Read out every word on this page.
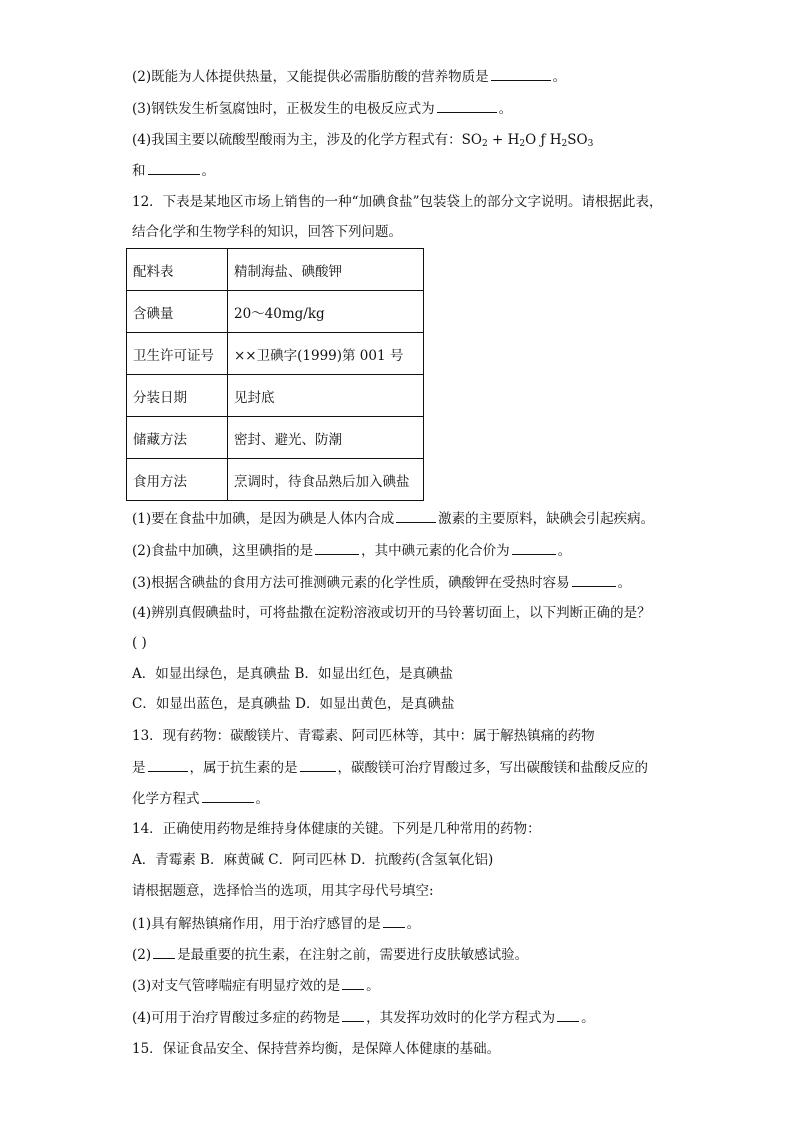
(2)既能为人体提供热量，又能提供必需脂肪酸的营养物质是	。
(3)钢铁发生析氢腐蚀时，正极发生的电极反应式为	。
(4)我国主要以硫酸型酸雨为主，涉及的化学方程式有：$SO_2 + H_2O$ ƒ $H_2SO_3$
和	。
12．下表是某地区市场上销售的一种“加碘食盐”包装袋上的部分文字说明。请根据此表，
结合化学和生物学科的知识，回答下列问题。
配料表	精制海盐、碘酸钾
含碘量	20～40mg/kg
卫生许可证号	××卫碘字(1999)第 001 号
分装日期	见封底
储藏方法	密封、避光、防潮
食用方法	烹调时，待食品熟后加入碘盐
(1)要在食盐中加碘，是因为碘是人体内合成	激素的主要原料，缺碘会引起疾病。
(2)食盐中加碘，这里碘指的是	，其中碘元素的化合价为	。
(3)根据含碘盐的食用方法可推测碘元素的化学性质，碘酸钾在受热时容易	。
(4)辨别真假碘盐时，可将盐撒在淀粉溶液或切开的马铃薯切面上，以下判断正确的是？
( )
A．如显出绿色，是真碘盐 B．如显出红色，是真碘盐
C．如显出蓝色，是真碘盐 D．如显出黄色，是真碘盐
13．现有药物：碳酸镁片、青霉素、阿司匹林等，其中：属于解热镇痛的药物
是	，属于抗生素的是	，碳酸镁可治疗胃酸过多，写出碳酸镁和盐酸反应的
化学方程式	。
14．正确使用药物是维持身体健康的关键。下列是几种常用的药物：
A．青霉素 B．麻黄碱 C．阿司匹林 D．抗酸药(含氢氧化铝)
请根据题意，选择恰当的选项，用其字母代号填空:
(1)具有解热镇痛作用，用于治疗感冒的是 。
(2) 是最重要的抗生素，在注射之前，需要进行皮肤敏感试验。
(3)对支气管哮喘症有明显疗效的是 。
(4)可用于治疗胃酸过多症的药物是 ，其发挥功效时的化学方程式为 。
15．保证食品安全、保持营养均衡，是保障人体健康的基础。
